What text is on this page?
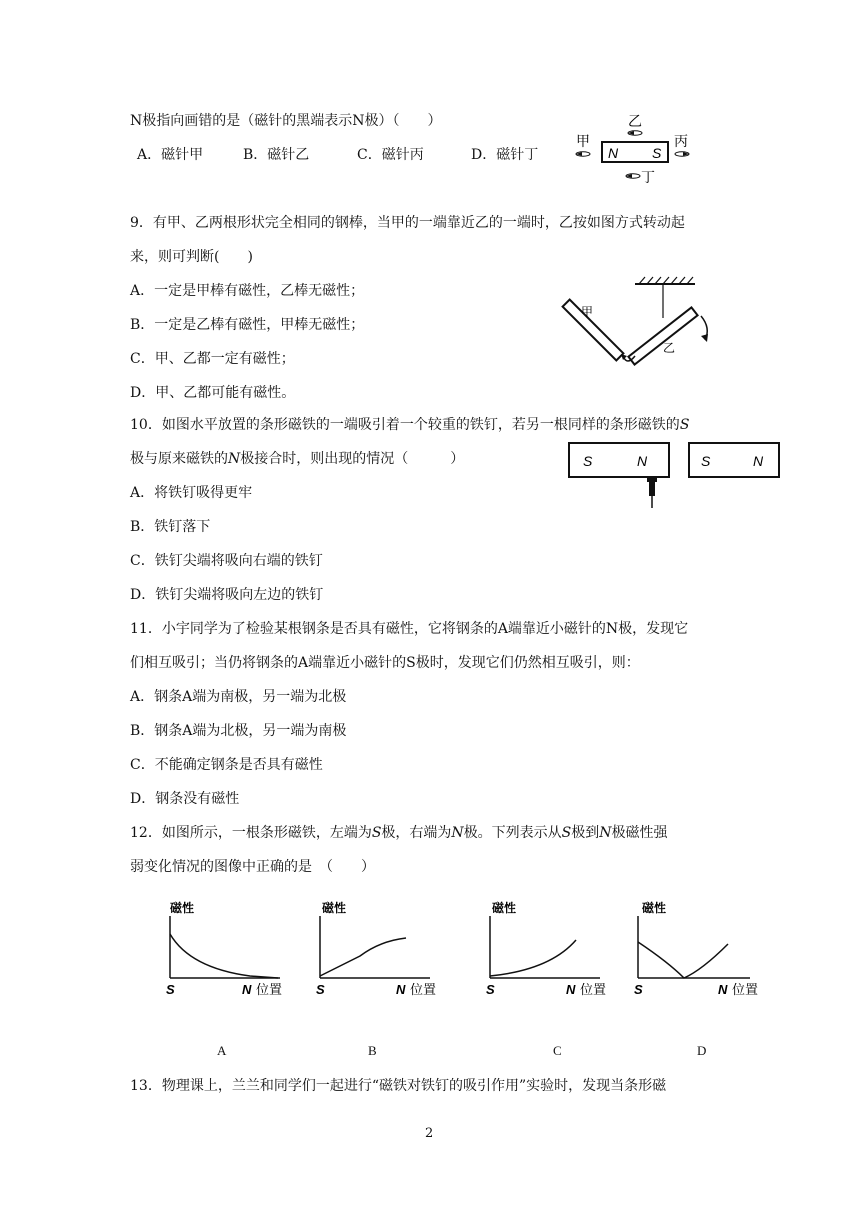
N极指向画错的是（磁针的黑端表示N极）（　　）
A．磁针甲	B．磁针乙	C．磁针丙	D．磁针丁	N S
乙
甲	丙
丁
9．有甲、乙两根形状完全相同的钢棒，当甲的一端靠近乙的一端时，乙按如图方式转动起
来，则可判断(　　)
A．一定是甲棒有磁性，乙棒无磁性；
B．一定是乙棒有磁性，甲棒无磁性；
C．甲、乙都一定有磁性；
D．甲、乙都可能有磁性。
甲
乙
10．如图水平放置的条形磁铁的一端吸引着一个较重的铁钉，若另一根同样的条形磁铁的S
极与原来磁铁的N极接合时，则出现的情况（　　　）
A．将铁钉吸得更牢
B．铁钉落下
C．铁钉尖端将吸向右端的铁钉
D．铁钉尖端将吸向左边的铁钉
S	N	S	N
11．小宇同学为了检验某根钢条是否具有磁性，它将钢条的A端靠近小磁针的N极，发现它
们相互吸引；当仍将钢条的A端靠近小磁针的S极时，发现它们仍然相互吸引，则：
A．钢条A端为南极，另一端为北极
B．钢条A端为北极，另一端为南极
C．不能确定钢条是否具有磁性
D．钢条没有磁性
12．如图所示，一根条形磁铁，左端为S极，右端为N极。下列表示从S极到N极磁性强
弱变化情况的图像中正确的是　（　　）
磁性
S	N 位置
磁性
S	N 位置
磁性
S	N 位置
磁性
S	N 位置
A	B	C	D
13．物理课上，兰兰和同学们一起进行“磁铁对铁钉的吸引作用”实验时，发现当条形磁
2
